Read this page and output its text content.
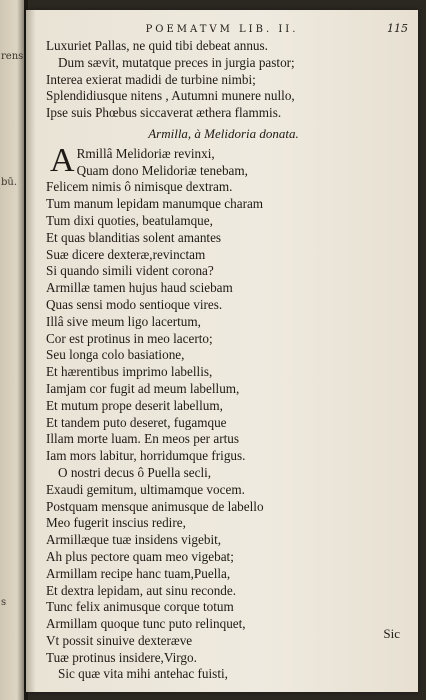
rens
bū.
s
POEMATVM LIB. II.	115
Luxuriet Pallas, ne quid tibi debeat annus.
Dum sævit, mutatque preces in jurgia pastor;
Interea exierat madidi de turbine nimbi;
Splendidiusque nitens , Autumni munere nullo,
Ipse suis Phœbus siccaverat æthera flammis.
Armilla, à Melidoria donata.
A Rmillâ Melidoriæ revinxi,
Quam dono Melidoriæ tenebam,
Felicem nimis ô nimisque dextram.
Tum manum lepidam manumque charam
Tum dixi quoties, beatulamque,
Et quas blanditias solent amantes
Suæ dicere dexteræ,revinctam
Si quando simili vident corona?
Armillæ tamen hujus haud sciebam
Quas sensi modo sentioque vires.
Illâ sive meum ligo lacertum,
Cor est protinus in meo lacerto;
Seu longa colo basiatione,
Et hærentibus imprimo labellis,
Iamjam cor fugit ad meum labellum,
Et mutum prope deserit labellum,
Et tandem puto deseret, fugamque
Illam morte luam. En meos per artus
Iam mors labitur, horridumque frigus.
O nostri decus ô Puella secli,
Exaudi gemitum, ultimamque vocem.
Postquam mensque animusque de labello
Meo fugerit inscius redire,
Armillæque tuæ insidens vigebit,
Ah plus pectore quam meo vigebat;
Armillam recipe hanc tuam,Puella,
Et dextra lepidam, aut sinu reconde.
Tunc felix animusque corque totum
Armillam quoque tunc puto relinquet,
Vt possit sinuive dexteræve
Tuæ protinus insidere,Virgo.
Sic quæ vita mihi antehac fuisti,
Sic
